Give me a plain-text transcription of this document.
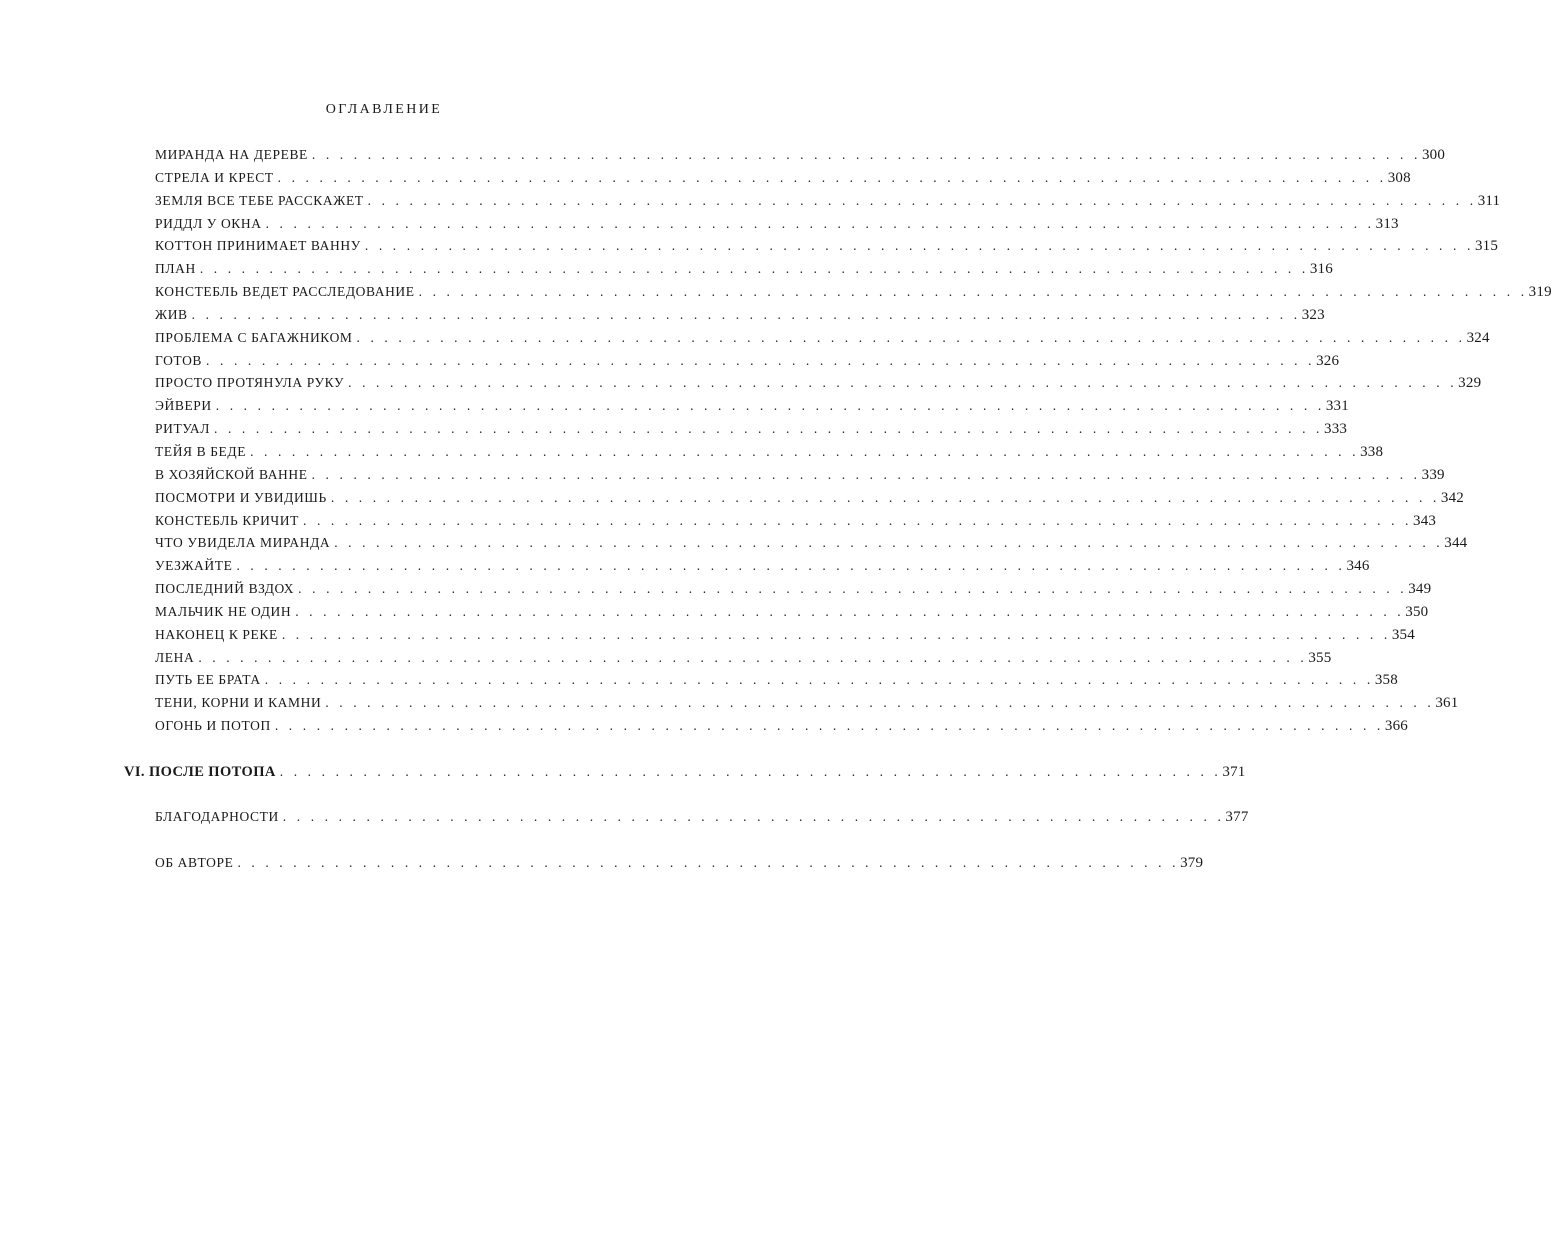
ОГЛАВЛЕНИЕ
МИРАНДА НА ДЕРЕВЕ . . . . . . . . . . . . . . . . . . . . . . . . . . . . . . . . . . . . . . . . . . . . . . . . . . . . . . . . . . . . . . . . . . . . . . . . . . . . . . . . 300
СТРЕЛА И КРЕСТ . . . . . . . . . . . . . . . . . . . . . . . . . . . . . . . . . . . . . . . . . . . . . . . . . . . . . . . . . . . . . . . . . . . . . . . . . . . . . . . . 308
ЗЕМЛЯ ВСЕ ТЕБЕ РАССКАЖЕТ . . . . . . . . . . . . . . . . . . . . . . . . . . . . . . . . . . . . . . . . . . . . . . . . . . . . . . . . . . . . . . . . . . . . . . . . . . . . . . . . 311
РИДДЛ У ОКНА . . . . . . . . . . . . . . . . . . . . . . . . . . . . . . . . . . . . . . . . . . . . . . . . . . . . . . . . . . . . . . . . . . . . . . . . . . . . . . . . 313
КОТТОН ПРИНИМАЕТ ВАННУ . . . . . . . . . . . . . . . . . . . . . . . . . . . . . . . . . . . . . . . . . . . . . . . . . . . . . . . . . . . . . . . . . . . . . . . . . . . . . . . . 315
ПЛАН . . . . . . . . . . . . . . . . . . . . . . . . . . . . . . . . . . . . . . . . . . . . . . . . . . . . . . . . . . . . . . . . . . . . . . . . . . . . . . . . 316
КОНСТЕБЛЬ ВЕДЕТ РАССЛЕДОВАНИЕ . . . . . . . . . . . . . . . . . . . . . . . . . . . . . . . . . . . . . . . . . . . . . . . . . . . . . . . . . . . . . . . . . . . . . . . . . . . . . . . . 319
ЖИВ . . . . . . . . . . . . . . . . . . . . . . . . . . . . . . . . . . . . . . . . . . . . . . . . . . . . . . . . . . . . . . . . . . . . . . . . . . . . . . . . 323
ПРОБЛЕМА С БАГАЖНИКОМ . . . . . . . . . . . . . . . . . . . . . . . . . . . . . . . . . . . . . . . . . . . . . . . . . . . . . . . . . . . . . . . . . . . . . . . . . . . . . . . . 324
ГОТОВ . . . . . . . . . . . . . . . . . . . . . . . . . . . . . . . . . . . . . . . . . . . . . . . . . . . . . . . . . . . . . . . . . . . . . . . . . . . . . . . . 326
ПРОСТО ПРОТЯНУЛА РУКУ . . . . . . . . . . . . . . . . . . . . . . . . . . . . . . . . . . . . . . . . . . . . . . . . . . . . . . . . . . . . . . . . . . . . . . . . . . . . . . . . 329
ЭЙВЕРИ . . . . . . . . . . . . . . . . . . . . . . . . . . . . . . . . . . . . . . . . . . . . . . . . . . . . . . . . . . . . . . . . . . . . . . . . . . . . . . . . 331
РИТУАЛ . . . . . . . . . . . . . . . . . . . . . . . . . . . . . . . . . . . . . . . . . . . . . . . . . . . . . . . . . . . . . . . . . . . . . . . . . . . . . . . . 333
ТЕЙЯ В БЕДЕ . . . . . . . . . . . . . . . . . . . . . . . . . . . . . . . . . . . . . . . . . . . . . . . . . . . . . . . . . . . . . . . . . . . . . . . . . . . . . . . . 338
В ХОЗЯЙСКОЙ ВАННЕ . . . . . . . . . . . . . . . . . . . . . . . . . . . . . . . . . . . . . . . . . . . . . . . . . . . . . . . . . . . . . . . . . . . . . . . . . . . . . . . . 339
ПОСМОТРИ И УВИДИШЬ . . . . . . . . . . . . . . . . . . . . . . . . . . . . . . . . . . . . . . . . . . . . . . . . . . . . . . . . . . . . . . . . . . . . . . . . . . . . . . . . 342
КОНСТЕБЛЬ КРИЧИТ . . . . . . . . . . . . . . . . . . . . . . . . . . . . . . . . . . . . . . . . . . . . . . . . . . . . . . . . . . . . . . . . . . . . . . . . . . . . . . . . 343
ЧТО УВИДЕЛА МИРАНДА . . . . . . . . . . . . . . . . . . . . . . . . . . . . . . . . . . . . . . . . . . . . . . . . . . . . . . . . . . . . . . . . . . . . . . . . . . . . . . . . 344
УЕЗЖАЙТЕ . . . . . . . . . . . . . . . . . . . . . . . . . . . . . . . . . . . . . . . . . . . . . . . . . . . . . . . . . . . . . . . . . . . . . . . . . . . . . . . . 346
ПОСЛЕДНИЙ ВЗДОХ . . . . . . . . . . . . . . . . . . . . . . . . . . . . . . . . . . . . . . . . . . . . . . . . . . . . . . . . . . . . . . . . . . . . . . . . . . . . . . . . 349
МАЛЬЧИК НЕ ОДИН . . . . . . . . . . . . . . . . . . . . . . . . . . . . . . . . . . . . . . . . . . . . . . . . . . . . . . . . . . . . . . . . . . . . . . . . . . . . . . . . 350
НАКОНЕЦ К РЕКЕ . . . . . . . . . . . . . . . . . . . . . . . . . . . . . . . . . . . . . . . . . . . . . . . . . . . . . . . . . . . . . . . . . . . . . . . . . . . . . . . . 354
ЛЕНА . . . . . . . . . . . . . . . . . . . . . . . . . . . . . . . . . . . . . . . . . . . . . . . . . . . . . . . . . . . . . . . . . . . . . . . . . . . . . . . . 355
ПУТЬ ЕЕ БРАТА . . . . . . . . . . . . . . . . . . . . . . . . . . . . . . . . . . . . . . . . . . . . . . . . . . . . . . . . . . . . . . . . . . . . . . . . . . . . . . . . 358
ТЕНИ, КОРНИ И КАМНИ . . . . . . . . . . . . . . . . . . . . . . . . . . . . . . . . . . . . . . . . . . . . . . . . . . . . . . . . . . . . . . . . . . . . . . . . . . . . . . . . 361
ОГОНЬ И ПОТОП . . . . . . . . . . . . . . . . . . . . . . . . . . . . . . . . . . . . . . . . . . . . . . . . . . . . . . . . . . . . . . . . . . . . . . . . . . . . . . . . 366
VI. ПОСЛЕ ПОТОПА . . . . . . . . . . . . . . . . . . . . . . . . . . . . . . . . . . . . . . . . . . . . . . . . . . . . . . . . . . . . . . . . . . . . 371
БЛАГОДАРНОСТИ . . . . . . . . . . . . . . . . . . . . . . . . . . . . . . . . . . . . . . . . . . . . . . . . . . . . . . . . . . . . . . . . . . . . 377
ОБ АВТОРЕ . . . . . . . . . . . . . . . . . . . . . . . . . . . . . . . . . . . . . . . . . . . . . . . . . . . . . . . . . . . . . . . . . . . . 379
